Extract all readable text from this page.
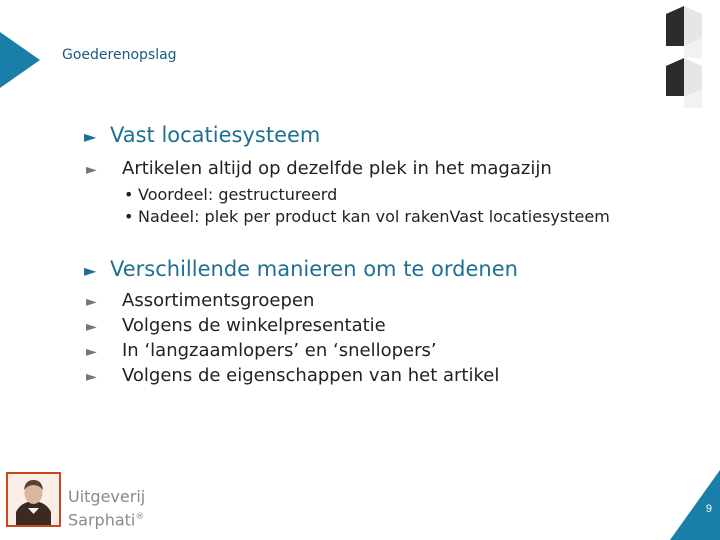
Goederenopslag
► Vast locatiesysteem
► Artikelen altijd op dezelfde plek in het magazijn
• Voordeel: gestructureerd
• Nadeel: plek per product kan vol rakenVast locatiesysteem
► Verschillende manieren om te ordenen
► Assortimentsgroepen
► Volgens de winkelpresentatie
► In ‘langzaamlopers’ en ‘snellopers’
► Volgens de eigenschappen van het artikel
Uitgeverij
Sarphati®
9
